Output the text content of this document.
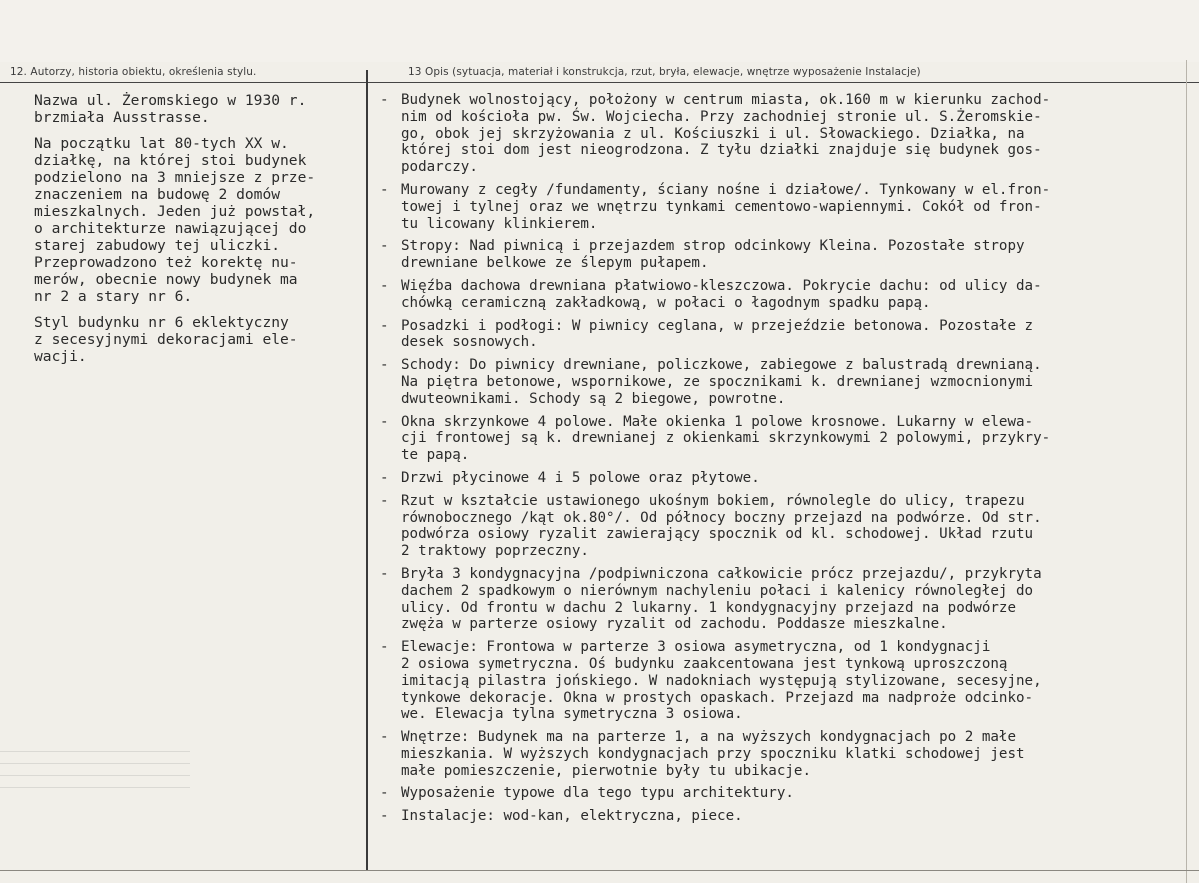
12. Autorzy, historia obiektu, określenia stylu.	13 Opis (sytuacja, materiał i konstrukcja, rzut, bryła, elewacje, wnętrze wyposażenie Instalacje)

Nazwa ul. Żeromskiego w 1930 r.
brzmiała Ausstrasse.

Na początku lat 80-tych XX w.
działkę, na której stoi budynek
podzielono na 3 mniejsze z prze-
znaczeniem na budowę 2 domów
mieszkalnych. Jeden już powstał,
o architekturze nawiązującej do
starej zabudowy tej uliczki.
Przeprowadzono też korektę nu-
merów, obecnie nowy budynek ma
nr 2 a stary nr 6.

Styl budynku nr 6 eklektyczny
z secesyjnymi dekoracjami ele-
wacji.

- Budynek wolnostojący, położony w centrum miasta, ok.160 m w kierunku zachod-
nim od kościoła pw. Św. Wojciecha. Przy zachodniej stronie ul. S.Żeromskie-
go, obok jej skrzyżowania z ul. Kościuszki i ul. Słowackiego. Działka, na
której stoi dom jest nieogrodzona. Z tyłu działki znajduje się budynek gos-
podarczy.
- Murowany z cegły /fundamenty, ściany nośne i działowe/. Tynkowany w el.fron-
towej i tylnej oraz we wnętrzu tynkami cementowo-wapiennymi. Cokół od fron-
tu licowany klinkierem.
- Stropy: Nad piwnicą i przejazdem strop odcinkowy Kleina. Pozostałe stropy
drewniane belkowe ze ślepym pułapem.
- Więźba dachowa drewniana płatwiowo-kleszczowa. Pokrycie dachu: od ulicy da-
chówką ceramiczną zakładkową, w połaci o łagodnym spadku papą.
- Posadzki i podłogi: W piwnicy ceglana, w przejeździe betonowa. Pozostałe z
desek sosnowych.
- Schody: Do piwnicy drewniane, policzkowe, zabiegowe z balustradą drewnianą.
Na piętra betonowe, wspornikowe, ze spocznikami k. drewnianej wzmocnionymi
dwuteownikami. Schody są 2 biegowe, powrotne.
- Okna skrzynkowe 4 polowe. Małe okienka 1 polowe krosnowe. Lukarny w elewa-
cji frontowej są k. drewnianej z okienkami skrzynkowymi 2 polowymi, przykry-
te papą.
- Drzwi płycinowe 4 i 5 polowe oraz płytowe.
- Rzut w kształcie ustawionego ukośnym bokiem, równolegle do ulicy, trapezu
równobocznego /kąt ok.80°/. Od północy boczny przejazd na podwórze. Od str.
podwórza osiowy ryzalit zawierający spocznik od kl. schodowej. Układ rzutu
2 traktowy poprzeczny.
- Bryła 3 kondygnacyjna /podpiwniczona całkowicie prócz przejazdu/, przykryta
dachem 2 spadkowym o nierównym nachyleniu połaci i kalenicy równoległej do
ulicy. Od frontu w dachu 2 lukarny. 1 kondygnacyjny przejazd na podwórze
zwęża w parterze osiowy ryzalit od zachodu. Poddasze mieszkalne.
- Elewacje: Frontowa w parterze 3 osiowa asymetryczna, od 1 kondygnacji
2 osiowa symetryczna. Oś budynku zaakcentowana jest tynkową uproszczoną
imitacją pilastra jońskiego. W nadokniach występują stylizowane, secesyjne,
tynkowe dekoracje. Okna w prostych opaskach. Przejazd ma nadproże odcinko-
we. Elewacja tylna symetryczna 3 osiowa.
- Wnętrze: Budynek ma na parterze 1, a na wyższych kondygnacjach po 2 małe
mieszkania. W wyższych kondygnacjach przy spoczniku klatki schodowej jest
małe pomieszczenie, pierwotnie były tu ubikacje.
- Wyposażenie typowe dla tego typu architektury.
- Instalacje: wod-kan, elektryczna, piece.
